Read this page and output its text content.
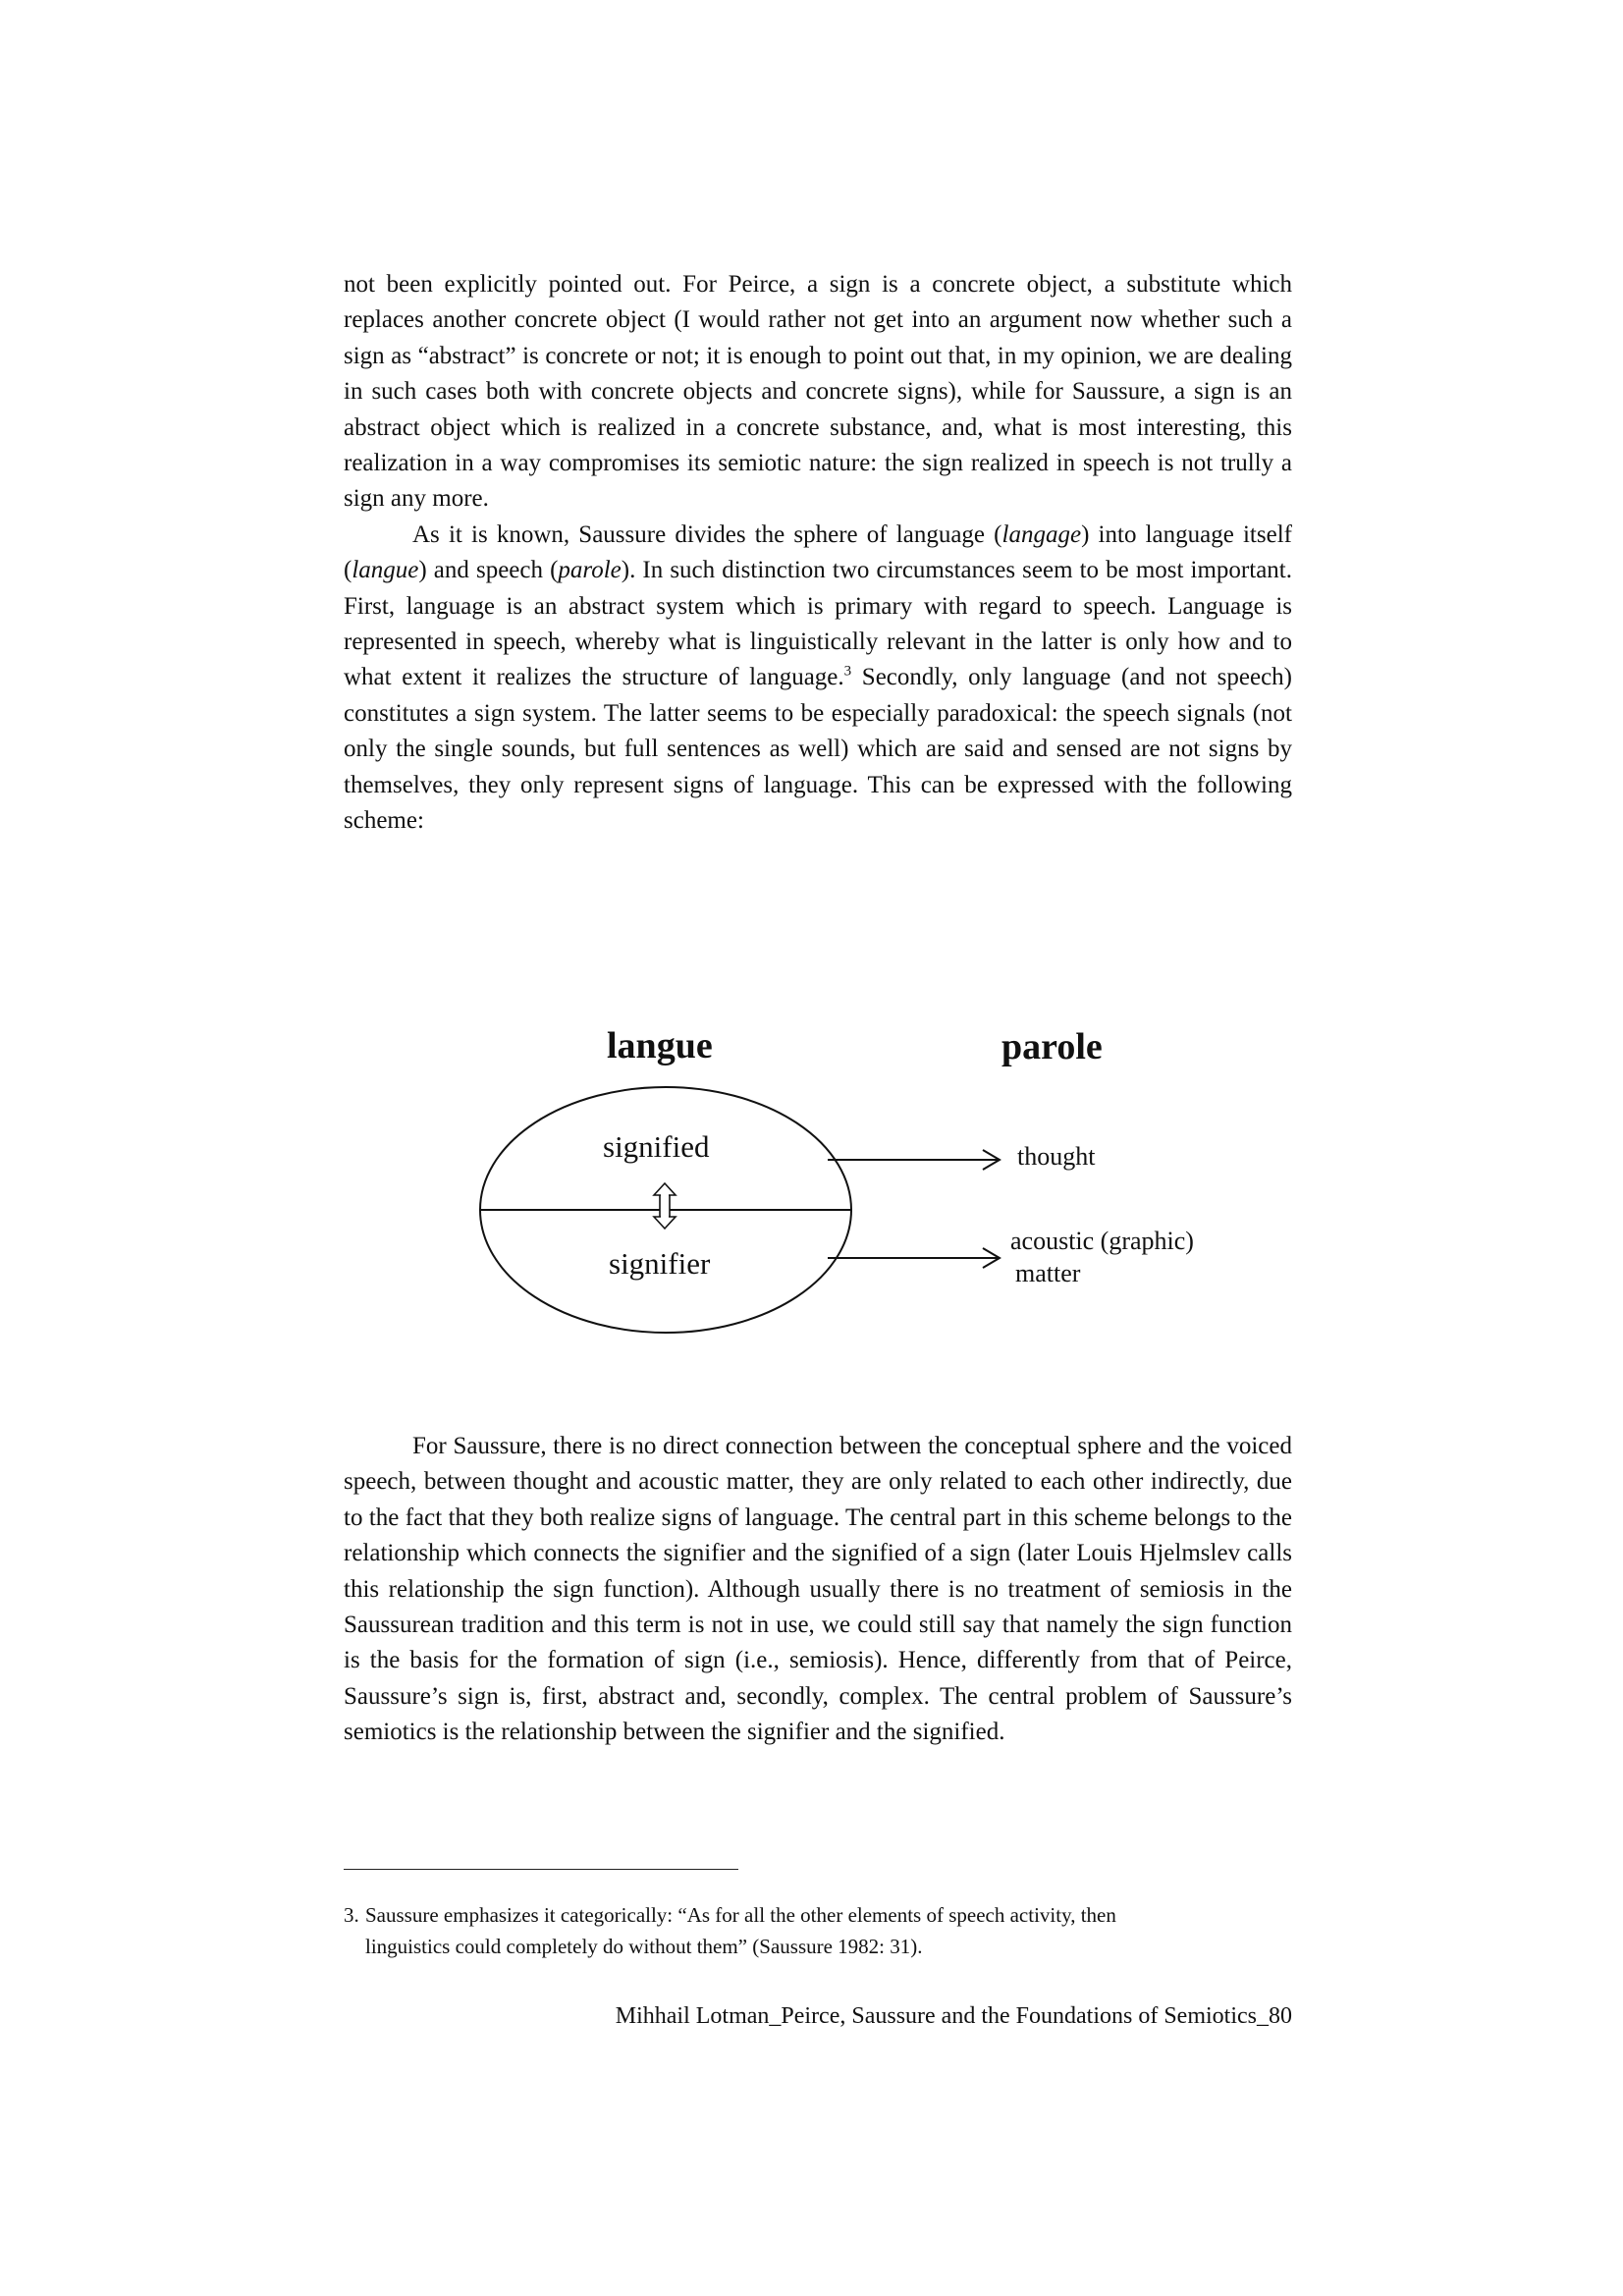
not been explicitly pointed out. For Peirce, a sign is a concrete object, a substitute which replaces another concrete object (I would rather not get into an argument now whether such a sign as “abstract” is concrete or not; it is enough to point out that, in my opinion, we are dealing in such cases both with concrete objects and concrete signs), while for Saussure, a sign is an abstract object which is realized in a concrete substance, and, what is most interesting, this realization in a way compromises its semiotic nature: the sign realized in speech is not trully a sign any more.

As it is known, Saussure divides the sphere of language (langage) into language itself (langue) and speech (parole). In such distinction two circumstances seem to be most important. First, language is an abstract system which is primary with regard to speech. Language is represented in speech, whereby what is linguistically relevant in the latter is only how and to what extent it realizes the structure of language.$^3$ Secondly, only language (and not speech) constitutes a sign system. The latter seems to be especially paradoxical: the speech signals (not only the single sounds, but full sentences as well) which are said and sensed are not signs by themselves, they only represent signs of language. This can be expressed with the following scheme:

langue	parole
signified
signifier
thought
acoustic (graphic)
matter

For Saussure, there is no direct connection between the conceptual sphere and the voiced speech, between thought and acoustic matter, they are only related to each other indirectly, due to the fact that they both realize signs of language. The central part in this scheme belongs to the relationship which connects the signifier and the signified of a sign (later Louis Hjelmslev calls this relationship the sign function). Although usually there is no treatment of semiosis in the Saussurean tradition and this term is not in use, we could still say that namely the sign function is the basis for the formation of sign (i.e., semiosis). Hence, differently from that of Peirce, Saussure’s sign is, first, abstract and, secondly, complex. The central problem of Saussure’s semiotics is the relationship between the signifier and the signified.

3. Saussure emphasizes it categorically: “As for all the other elements of speech activity, then
linguistics could completely do without them” (Saussure 1982: 31).
Mihhail Lotman_Peirce, Saussure and the Foundations of Semiotics_80
